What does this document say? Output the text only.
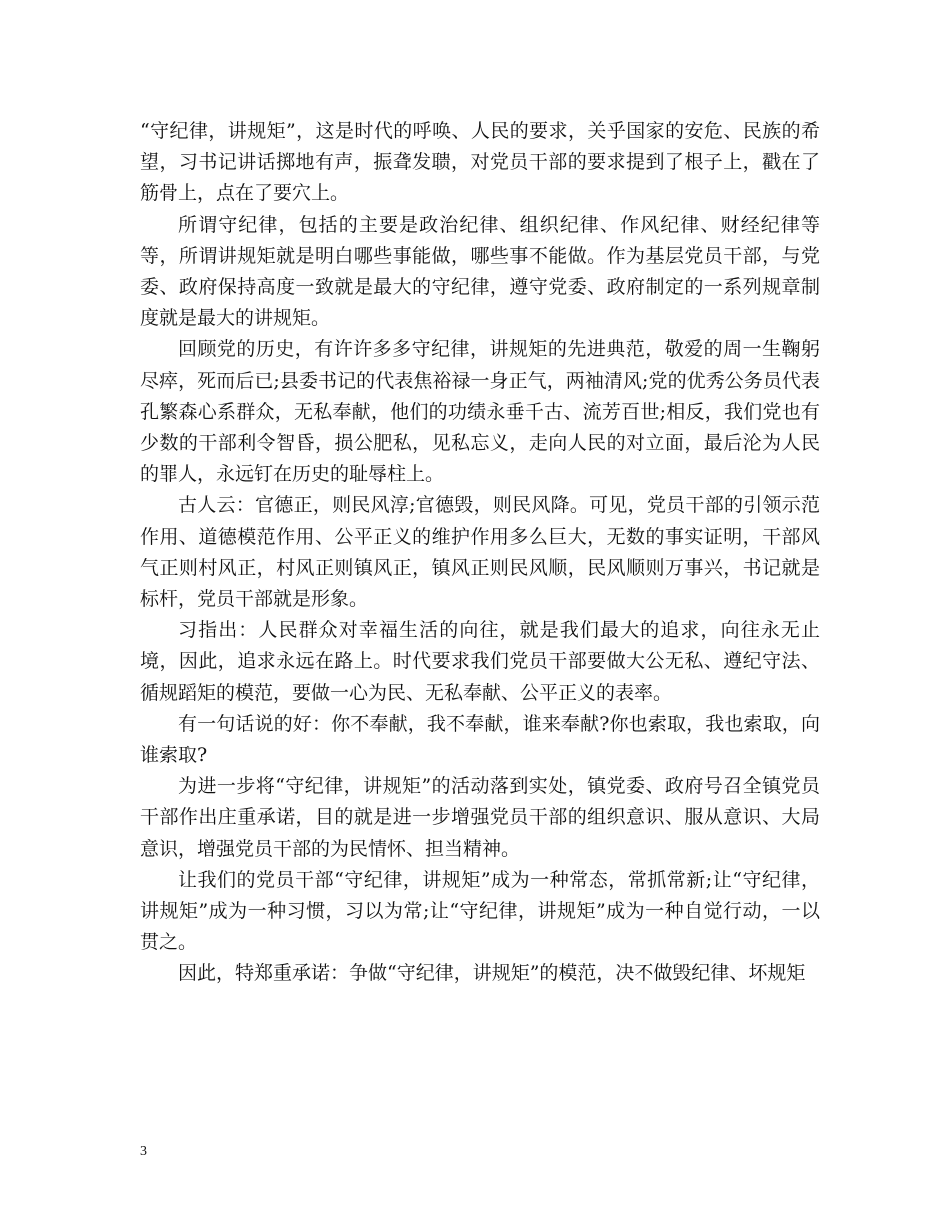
“守纪律，讲规矩”，这是时代的呼唤、人民的要求，关乎国家的安危、民族的希望，习书记讲话掷地有声，振聋发聩，对党员干部的要求提到了根子上，戳在了筋骨上，点在了要穴上。

所谓守纪律，包括的主要是政治纪律、组织纪律、作风纪律、财经纪律等等，所谓讲规矩就是明白哪些事能做，哪些事不能做。作为基层党员干部，与党委、政府保持高度一致就是最大的守纪律，遵守党委、政府制定的一系列规章制度就是最大的讲规矩。

回顾党的历史，有许许多多守纪律，讲规矩的先进典范，敬爱的周一生鞠躬尽瘁，死而后已;县委书记的代表焦裕禄一身正气，两袖清风;党的优秀公务员代表孔繁森心系群众，无私奉献，他们的功绩永垂千古、流芳百世;相反，我们党也有少数的干部利令智昏，损公肥私，见私忘义，走向人民的对立面，最后沦为人民的罪人，永远钉在历史的耻辱柱上。

古人云：官德正，则民风淳;官德毁，则民风降。可见，党员干部的引领示范作用、道德模范作用、公平正义的维护作用多么巨大，无数的事实证明，干部风气正则村风正，村风正则镇风正，镇风正则民风顺，民风顺则万事兴，书记就是标杆，党员干部就是形象。

习指出：人民群众对幸福生活的向往，就是我们最大的追求，向往永无止境，因此，追求永远在路上。时代要求我们党员干部要做大公无私、遵纪守法、循规蹈矩的模范，要做一心为民、无私奉献、公平正义的表率。

有一句话说的好：你不奉献，我不奉献，谁来奉献?你也索取，我也索取，向谁索取?

为进一步将“守纪律，讲规矩”的活动落到实处，镇党委、政府号召全镇党员干部作出庄重承诺，目的就是进一步增强党员干部的组织意识、服从意识、大局意识，增强党员干部的为民情怀、担当精神。

让我们的党员干部“守纪律，讲规矩”成为一种常态，常抓常新;让“守纪律，讲规矩”成为一种习惯，习以为常;让“守纪律，讲规矩”成为一种自觉行动，一以贯之。

因此，特郑重承诺：争做“守纪律，讲规矩”的模范，决不做毁纪律、坏规矩

3
